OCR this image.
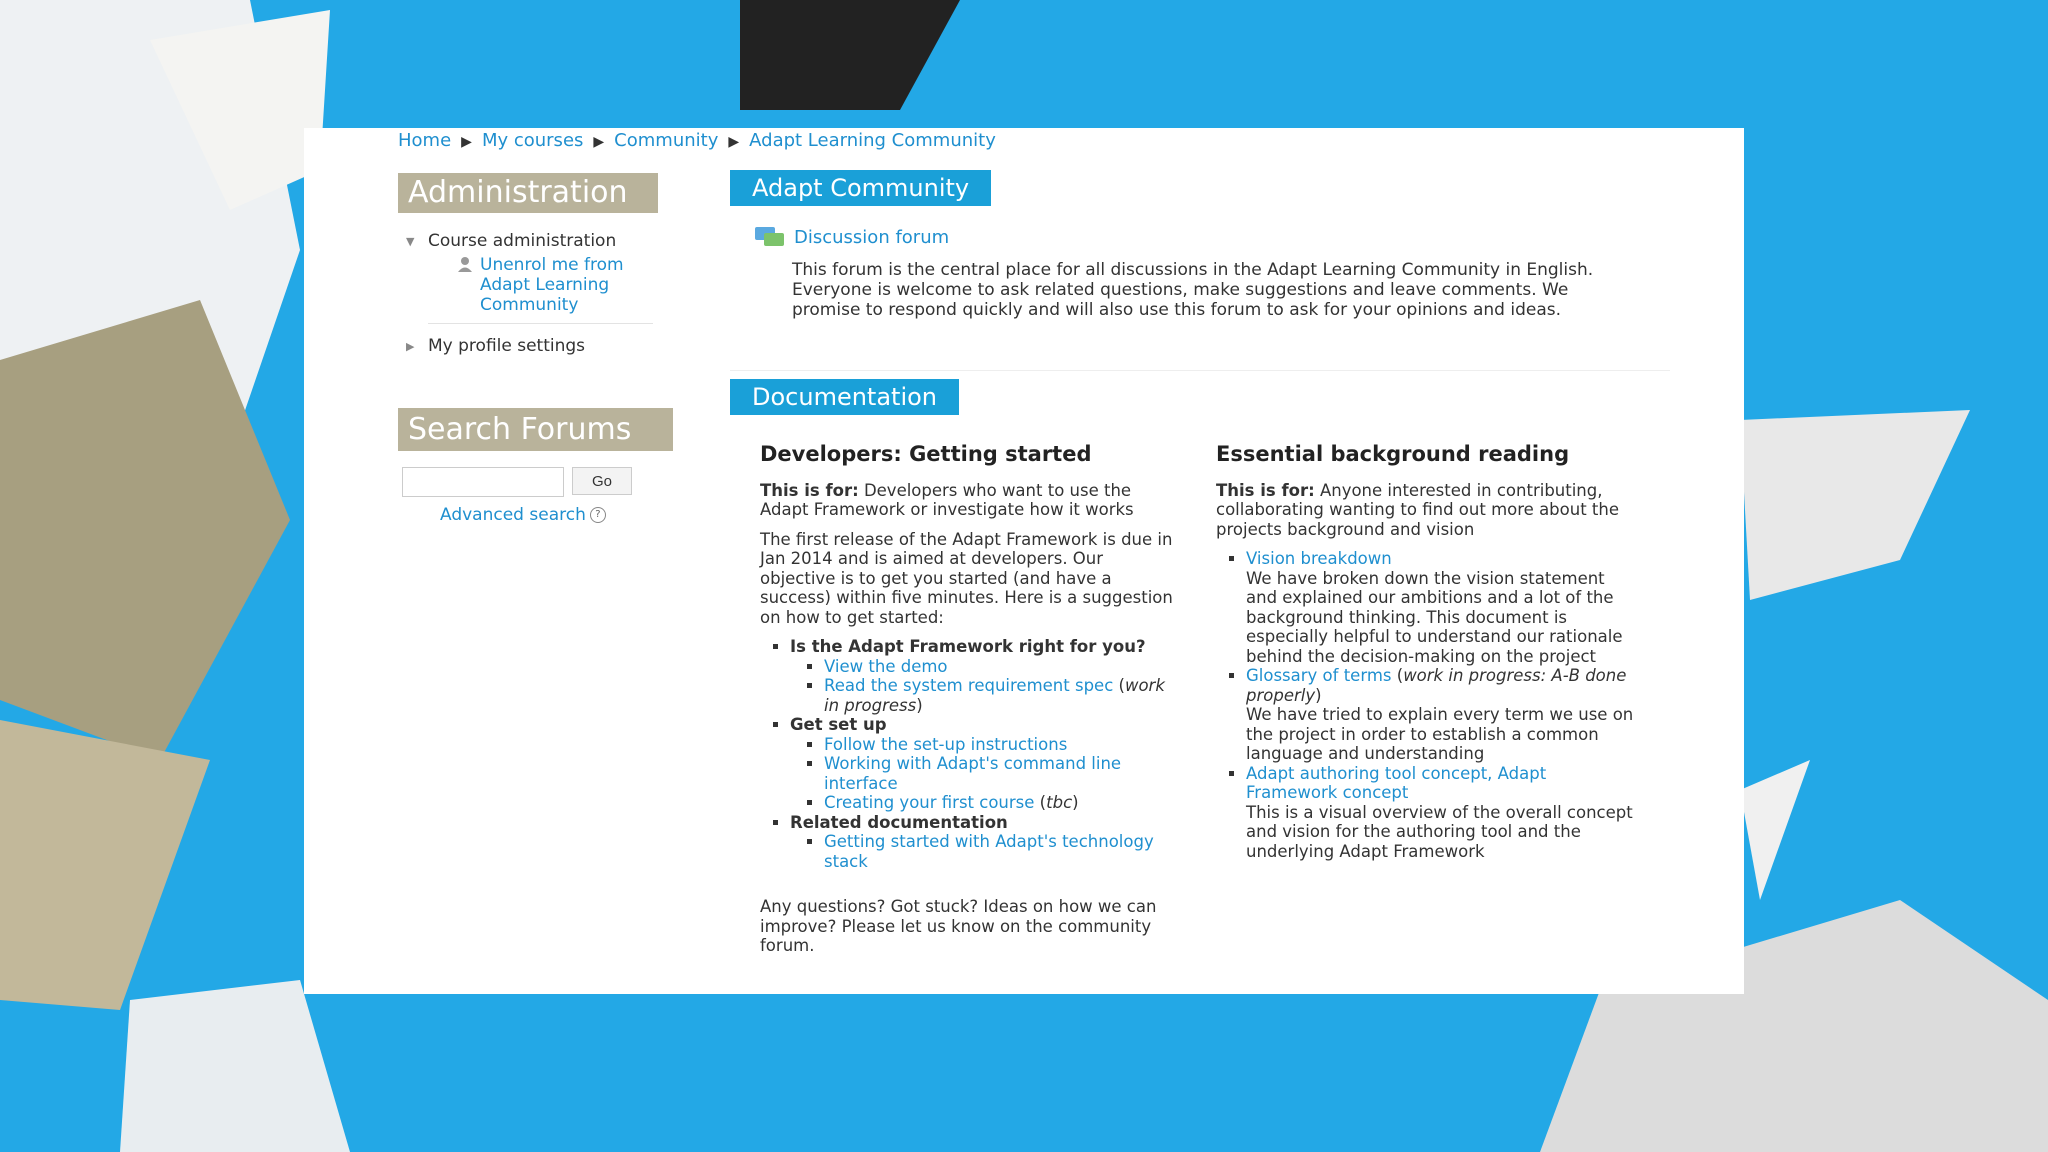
Home ▶ My courses ▶ Community ▶ Adapt Learning Community
Administration
▼ Course administration
Unenrol me from Adapt Learning Community
▶ My profile settings
Search Forums
Go
Advanced search ?
Adapt Community
Discussion forum
This forum is the central place for all discussions in the Adapt Learning Community in English. Everyone is welcome to ask related questions, make suggestions and leave comments. We promise to respond quickly and will also use this forum to ask for your opinions and ideas.
Documentation
Developers: Getting started

This is for: Developers who want to use the Adapt Framework or investigate how it works

The first release of the Adapt Framework is due in Jan 2014 and is aimed at developers. Our objective is to get you started (and have a success) within five minutes. Here is a suggestion on how to get started:

▪ Is the Adapt Framework right for you?
▪ View the demo
▪ Read the system requirement spec (work in progress)
▪ Get set up
▪ Follow the set-up instructions
▪ Working with Adapt's command line interface
▪ Creating your first course (tbc)
▪ Related documentation
▪ Getting started with Adapt's technology stack

Any questions? Got stuck? Ideas on how we can improve? Please let us know on the community forum.

Essential background reading

This is for: Anyone interested in contributing, collaborating wanting to find out more about the projects background and vision

▪ Vision breakdown
We have broken down the vision statement and explained our ambitions and a lot of the background thinking. This document is especially helpful to understand our rationale behind the decision-making on the project
▪ Glossary of terms (work in progress: A-B done properly)
We have tried to explain every term we use on the project in order to establish a common language and understanding
▪ Adapt authoring tool concept, Adapt Framework concept
This is a visual overview of the overall concept and vision for the authoring tool and the underlying Adapt Framework
